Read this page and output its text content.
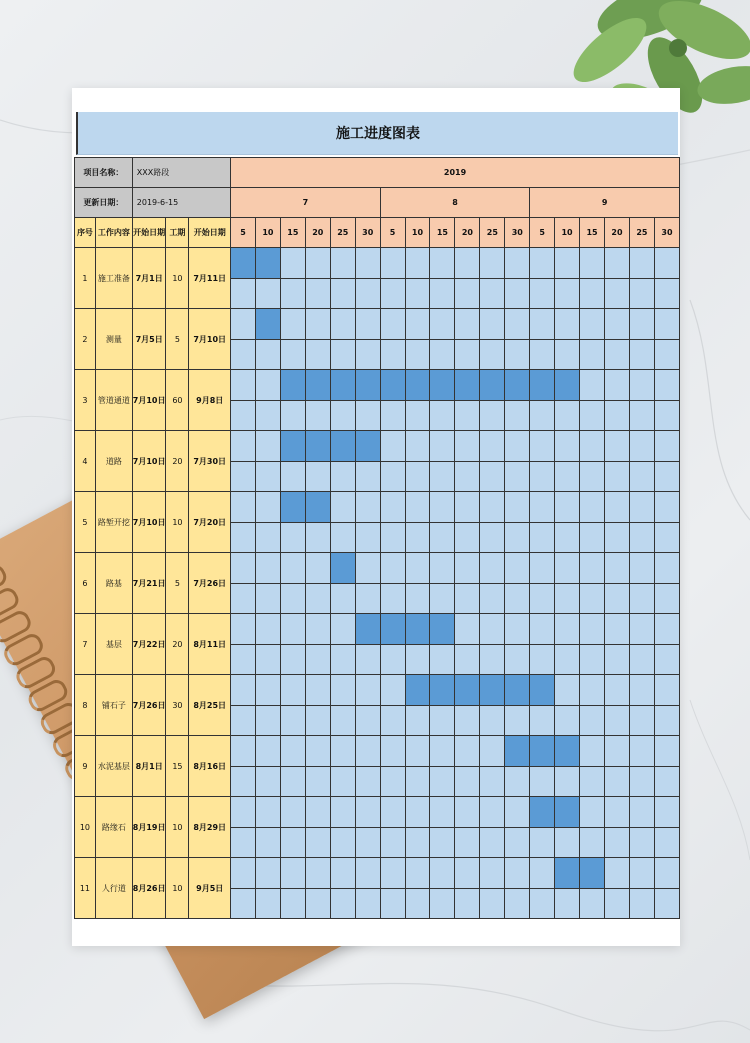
施工进度图表
项目名称：		XXX路段			2019																	
更新日期：		2019-6-15			7						8						9					
序号	工作内容	开始日期	工期	开始日期	5	10	15	20	25	30	5	10	15	20	25	30	5	10	15	20	25	30
1	施工准备	7月1日	10	7月11日																		

2	测量	7月5日	5	7月10日																		

3	管道通道	7月10日	60	9月8日																		

4	道路	7月10日	20	7月30日																		

5	路堑开挖	7月10日	10	7月20日																		

6	路基	7月21日	5	7月26日																		

7	基层	7月22日	20	8月11日																		

8	铺石子	7月26日	30	8月25日																		

9	水泥基层	8月1日	15	8月16日																		

10	路缘石	8月19日	10	8月29日																		

11	人行道	8月26日	10	9月5日																		
